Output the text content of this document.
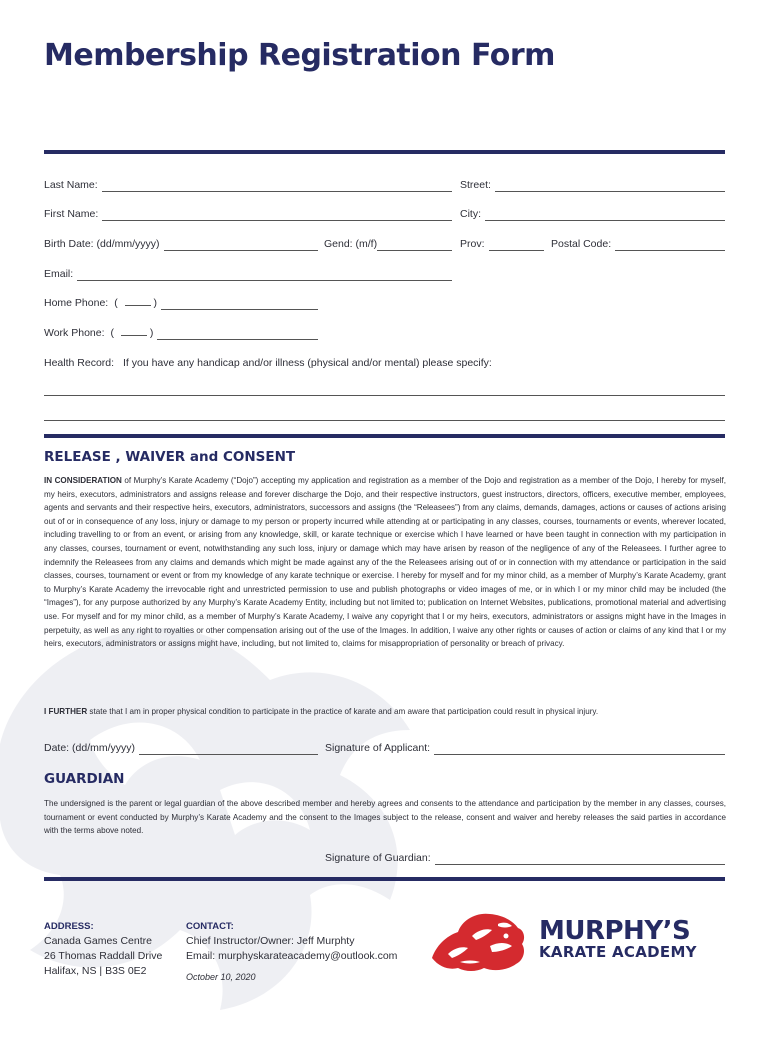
Membership Registration Form
Last Name:	Street:
First Name:	City:
Birth Date: (dd/mm/yyyy)	Gend: (m/f)	Prov:	Postal Code:
Email:
Home Phone: (	)
Work Phone: (	)
Health Record: If you have any handicap and/or illness (physical and/or mental) please specify:
RELEASE , WAIVER and CONSENT

IN CONSIDERATION of Murphy’s Karate Academy (“Dojo”) accepting my application and registration as a member of the Dojo and registration as a member of the Dojo, I hereby for myself, my heirs, executors, administrators and assigns release and forever discharge the Dojo, and their respective instructors, guest instructors, directors, officers, executive member, employees, agents and servants and their respective heirs, executors, administrators, successors and assigns (the “Releasees”) from any claims, demands, damages, actions or causes of actions arising out of or in consequence of any loss, injury or damage to my person or property incurred while attending at or participating in any classes, courses, tournaments or events, wherever located, including travelling to or from an event, or arising from any knowledge, skill, or karate technique or exercise which I have learned or have been taught in connection with my participation in any classes, courses, tournament or event, notwithstanding any such loss, injury or damage which may have arisen by reason of the negligence of any of the Releasees. I further agree to indemnify the Releasees from any claims and demands which might be made against any of the the Releasees arising out of or in connection with my attendance or participation in the said classes, courses, tournament or event or from my knowledge of any karate technique or exercise. I hereby for myself and for my minor child, as a member of Murphy’s Karate Academy, grant to Murphy’s Karate Academy the irrevocable right and unrestricted permission to use and publish photographs or video images of me, or in which I or my minor child may be included (the “Images”), for any purpose authorized by any Murphy’s Karate Academy Entity, including but not limited to; publication on Internet Websites, publications, promotional material and advertising use. For myself and for my minor child, as a member of Murphy’s Karate Academy, I waive any copyright that I or my heirs, executors, administrators or assigns might have in the Images in perpetuity, as well as any right to royalties or other compensation arising out of the use of the Images. In addition, I waive any other rights or causes of action or claims of any kind that I or my heirs, executors, administrators or assigns might have, including, but not limited to, claims for misappropriation of personality or breach of privacy.

I FURTHER state that I am in proper physical condition to participate in the practice of karate and am aware that participation could result in physical injury.

Date: (dd/mm/yyyy)	Signature of Applicant:
GUARDIAN

The undersigned is the parent or legal guardian of the above described member and hereby agrees and consents to the attendance and participation by the member in any classes, courses, tournament or event conducted by Murphy’s Karate Academy and the consent to the Images subject to the release, consent and waiver and hereby releases the said parties in accordance with the terms above noted.

Signature of Guardian:
ADDRESS:
Canada Games Centre
26 Thomas Raddall Drive
Halifax, NS | B3S 0E2
CONTACT:
Chief Instructor/Owner: Jeff Murphty
Email: murphyskarateacademy@outlook.com
October 10, 2020
MURPHY’S
KARATE ACADEMY
